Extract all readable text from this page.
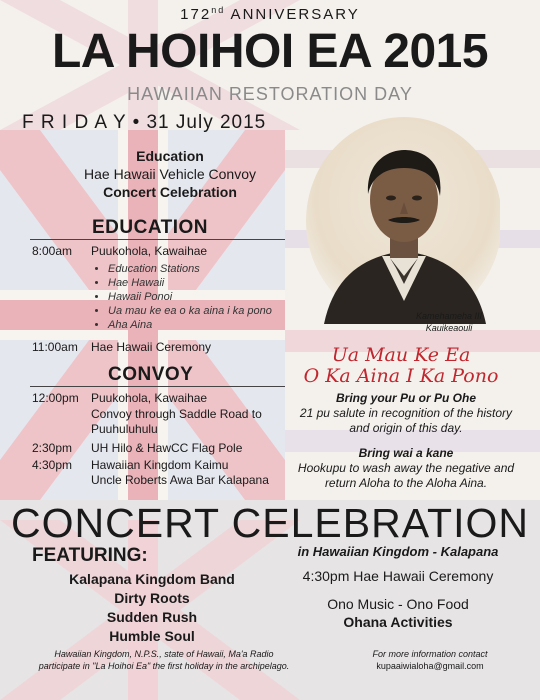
172nd ANNIVERSARY
LA HOIHOI EA 2015
HAWAIIAN RESTORATION DAY
F R I D A Y • 31 July 2015
Education
Hae Hawaii Vehicle Convoy
Concert Celebration
EDUCATION
8:00am Puukohola, Kawaihae
• Education Stations
• Hae Hawaii
• Hawaii Ponoi
• Ua mau ke ea o ka aina i ka pono
• Aha Aina
11:00am Hae Hawaii Ceremony
CONVOY
12:00pm Puukohola, Kawaihae
Convoy through Saddle Road to
Puuhuluhulu
2:30pm UH Hilo & HawCC Flag Pole
4:30pm Hawaiian Kingdom Kaimu
Uncle Roberts Awa Bar Kalapana
Kamehameha III
Kauikeaouli
Ua Mau Ke Ea
O Ka Aina I Ka Pono
Bring your Pu or Pu Ohe
21 pu salute in recognition of the history and origin of this day.
Bring wai a kane
Hookupu to wash away the negative and return Aloha to the Aloha Aina.
CONCERT CELEBRATION
FEATURING:
Kalapana Kingdom Band
Dirty Roots
Sudden Rush
Humble Soul
in Hawaiian Kingdom - Kalapana
4:30pm Hae Hawaii Ceremony
Ono Music - Ono Food
Ohana Activities
Hawaiian Kingdom, N.P.S., state of Hawaii, Ma'a Radio
participate in "La Hoihoi Ea" the first holiday in the archipelago.
For more information contact
kupaaiwialoha@gmail.com
